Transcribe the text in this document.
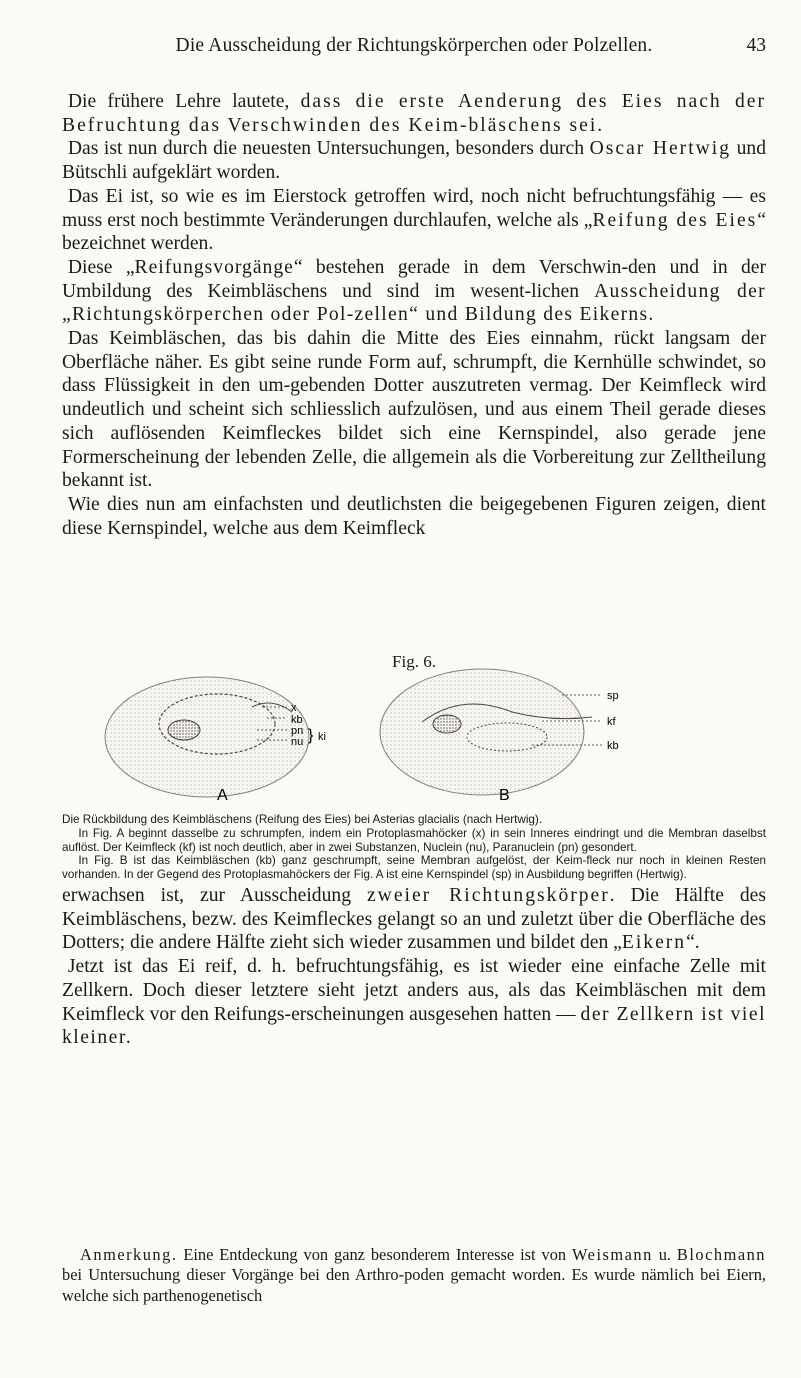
Die Ausscheidung der Richtungskörperchen oder Polzellen.	43

Die frühere Lehre lautete, dass die erste Aenderung des Eies nach der Befruchtung das Verschwinden des Keim-bläschens sei.

Das ist nun durch die neuesten Untersuchungen, besonders durch Oscar Hertwig und Bütschli aufgeklärt worden.

Das Ei ist, so wie es im Eierstock getroffen wird, noch nicht befruchtungsfähig — es muss erst noch bestimmte Veränderungen durchlaufen, welche als „Reifung des Eies“ bezeichnet werden.

Diese „Reifungsvorgänge“ bestehen gerade in dem Verschwin-den und in der Umbildung des Keimbläschens und sind im wesent-lichen Ausscheidung der „Richtungskörperchen oder Pol-zellen“ und Bildung des Eikerns.

Das Keimbläschen, das bis dahin die Mitte des Eies einnahm, rückt langsam der Oberfläche näher. Es gibt seine runde Form auf, schrumpft, die Kernhülle schwindet, so dass Flüssigkeit in den um-gebenden Dotter auszutreten vermag. Der Keimfleck wird undeutlich und scheint sich schliesslich aufzulösen, und aus einem Theil gerade dieses sich auflösenden Keimfleckes bildet sich eine Kernspindel, also gerade jene Formerscheinung der lebenden Zelle, die allgemein als die Vorbereitung zur Zelltheilung bekannt ist.

Wie dies nun am einfachsten und deutlichsten die beigegebenen Figuren zeigen, dient diese Kernspindel, welche aus dem Keimfleck

Fig. 6.
x
kb
pn
nu } ki
A
sp
kf
kb
B

Die Rückbildung des Keimbläschens (Reifung des Eies) bei Asterias glacialis (nach Hertwig).

In Fig. A beginnt dasselbe zu schrumpfen, indem ein Protoplasmahöcker (x) in sein Inneres eindringt und die Membran daselbst auflöst. Der Keimfleck (kf) ist noch deutlich, aber in zwei Substanzen, Nuclein (nu), Paranuclein (pn) gesondert.

In Fig. B ist das Keimbläschen (kb) ganz geschrumpft, seine Membran aufgelöst, der Keim-fleck nur noch in kleinen Resten vorhanden. In der Gegend des Protoplasmahöckers der Fig. A ist eine Kernspindel (sp) in Ausbildung begriffen (Hertwig).

erwachsen ist, zur Ausscheidung zweier Richtungskörper. Die Hälfte des Keimbläschens, bezw. des Keimfleckes gelangt so an und zuletzt über die Oberfläche des Dotters; die andere Hälfte zieht sich wieder zusammen und bildet den „Eikern“.

Jetzt ist das Ei reif, d. h. befruchtungsfähig, es ist wieder eine einfache Zelle mit Zellkern. Doch dieser letztere sieht jetzt anders aus, als das Keimbläschen mit dem Keimfleck vor den Reifungs-erscheinungen ausgesehen hatten — der Zellkern ist viel kleiner.

Anmerkung. Eine Entdeckung von ganz besonderem Interesse ist von Weismann u. Blochmann bei Untersuchung dieser Vorgänge bei den Arthro-poden gemacht worden. Es wurde nämlich bei Eiern, welche sich parthenogenetisch
